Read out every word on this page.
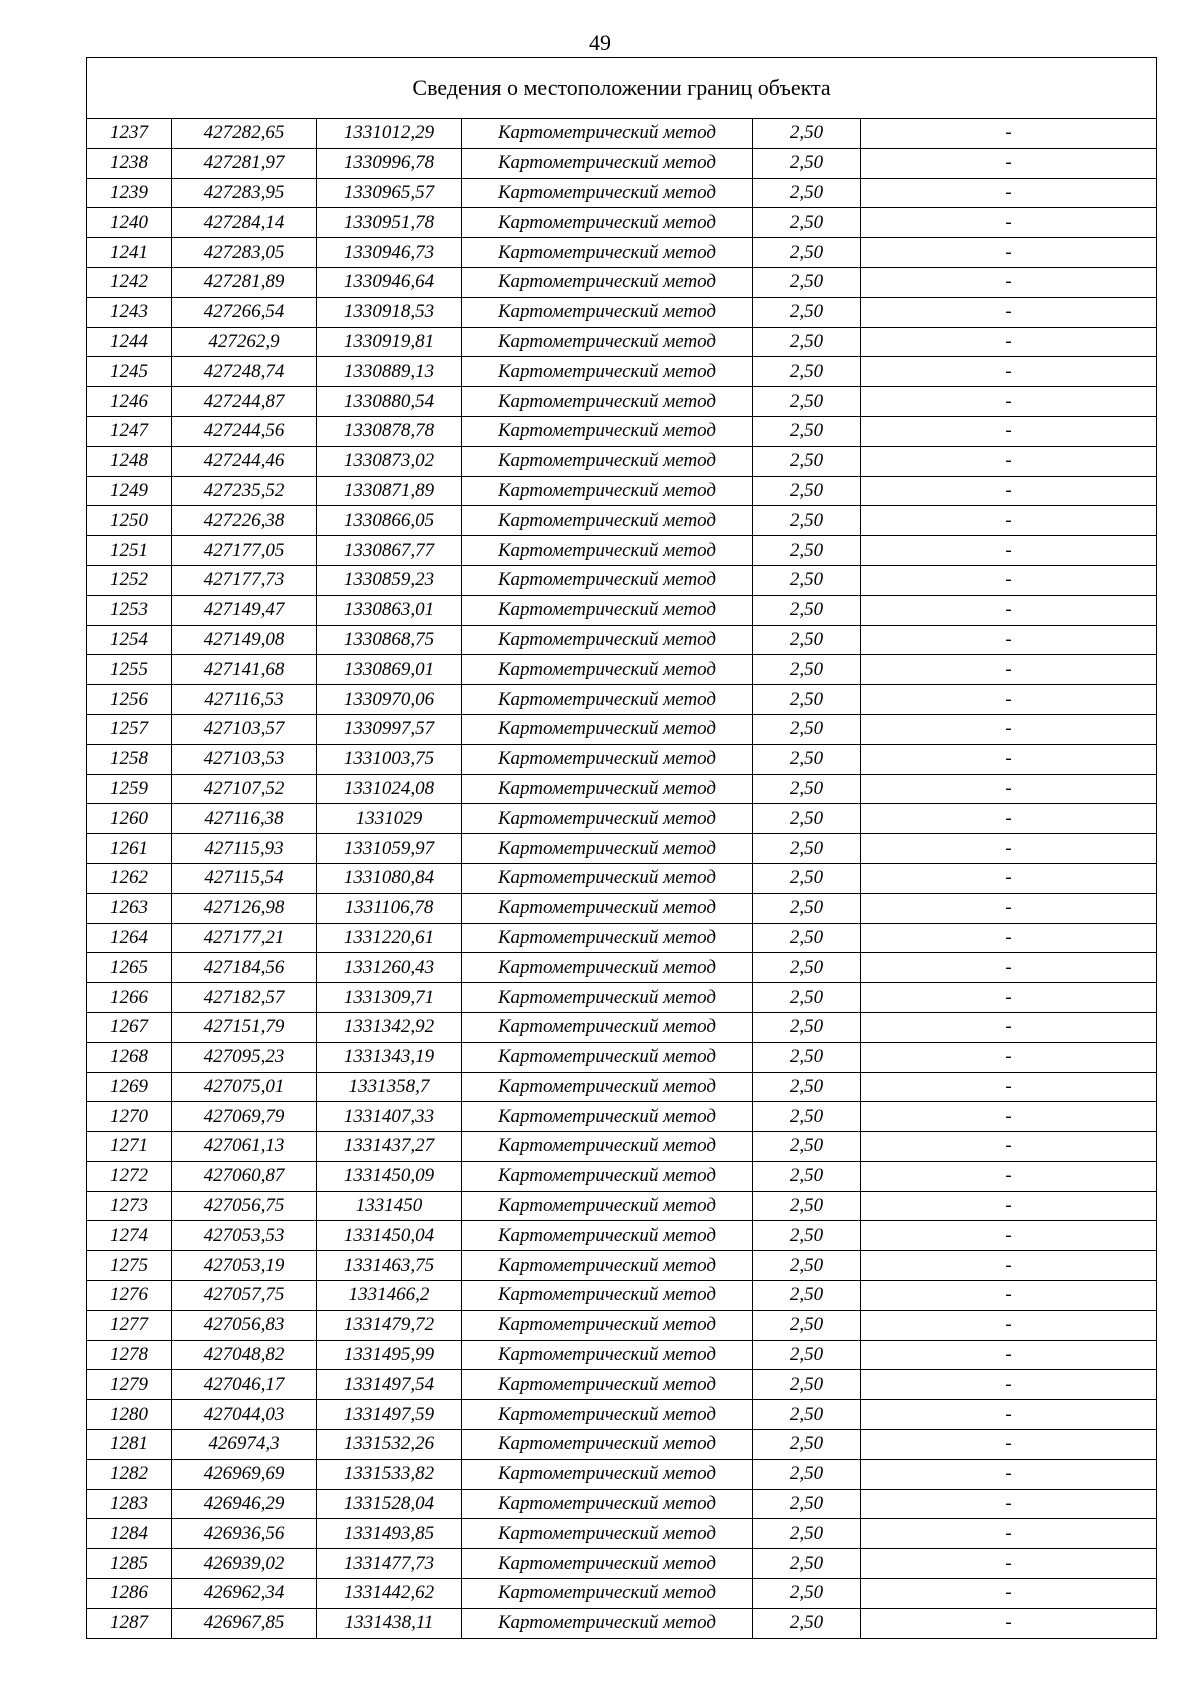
49
Сведения о местоположении границ объекта					
1237	427282,65	1331012,29	Картометрический метод	2,50	-
1238	427281,97	1330996,78	Картометрический метод	2,50	-
1239	427283,95	1330965,57	Картометрический метод	2,50	-
1240	427284,14	1330951,78	Картометрический метод	2,50	-
1241	427283,05	1330946,73	Картометрический метод	2,50	-
1242	427281,89	1330946,64	Картометрический метод	2,50	-
1243	427266,54	1330918,53	Картометрический метод	2,50	-
1244	427262,9	1330919,81	Картометрический метод	2,50	-
1245	427248,74	1330889,13	Картометрический метод	2,50	-
1246	427244,87	1330880,54	Картометрический метод	2,50	-
1247	427244,56	1330878,78	Картометрический метод	2,50	-
1248	427244,46	1330873,02	Картометрический метод	2,50	-
1249	427235,52	1330871,89	Картометрический метод	2,50	-
1250	427226,38	1330866,05	Картометрический метод	2,50	-
1251	427177,05	1330867,77	Картометрический метод	2,50	-
1252	427177,73	1330859,23	Картометрический метод	2,50	-
1253	427149,47	1330863,01	Картометрический метод	2,50	-
1254	427149,08	1330868,75	Картометрический метод	2,50	-
1255	427141,68	1330869,01	Картометрический метод	2,50	-
1256	427116,53	1330970,06	Картометрический метод	2,50	-
1257	427103,57	1330997,57	Картометрический метод	2,50	-
1258	427103,53	1331003,75	Картометрический метод	2,50	-
1259	427107,52	1331024,08	Картометрический метод	2,50	-
1260	427116,38	1331029	Картометрический метод	2,50	-
1261	427115,93	1331059,97	Картометрический метод	2,50	-
1262	427115,54	1331080,84	Картометрический метод	2,50	-
1263	427126,98	1331106,78	Картометрический метод	2,50	-
1264	427177,21	1331220,61	Картометрический метод	2,50	-
1265	427184,56	1331260,43	Картометрический метод	2,50	-
1266	427182,57	1331309,71	Картометрический метод	2,50	-
1267	427151,79	1331342,92	Картометрический метод	2,50	-
1268	427095,23	1331343,19	Картометрический метод	2,50	-
1269	427075,01	1331358,7	Картометрический метод	2,50	-
1270	427069,79	1331407,33	Картометрический метод	2,50	-
1271	427061,13	1331437,27	Картометрический метод	2,50	-
1272	427060,87	1331450,09	Картометрический метод	2,50	-
1273	427056,75	1331450	Картометрический метод	2,50	-
1274	427053,53	1331450,04	Картометрический метод	2,50	-
1275	427053,19	1331463,75	Картометрический метод	2,50	-
1276	427057,75	1331466,2	Картометрический метод	2,50	-
1277	427056,83	1331479,72	Картометрический метод	2,50	-
1278	427048,82	1331495,99	Картометрический метод	2,50	-
1279	427046,17	1331497,54	Картометрический метод	2,50	-
1280	427044,03	1331497,59	Картометрический метод	2,50	-
1281	426974,3	1331532,26	Картометрический метод	2,50	-
1282	426969,69	1331533,82	Картометрический метод	2,50	-
1283	426946,29	1331528,04	Картометрический метод	2,50	-
1284	426936,56	1331493,85	Картометрический метод	2,50	-
1285	426939,02	1331477,73	Картометрический метод	2,50	-
1286	426962,34	1331442,62	Картометрический метод	2,50	-
1287	426967,85	1331438,11	Картометрический метод	2,50	-
